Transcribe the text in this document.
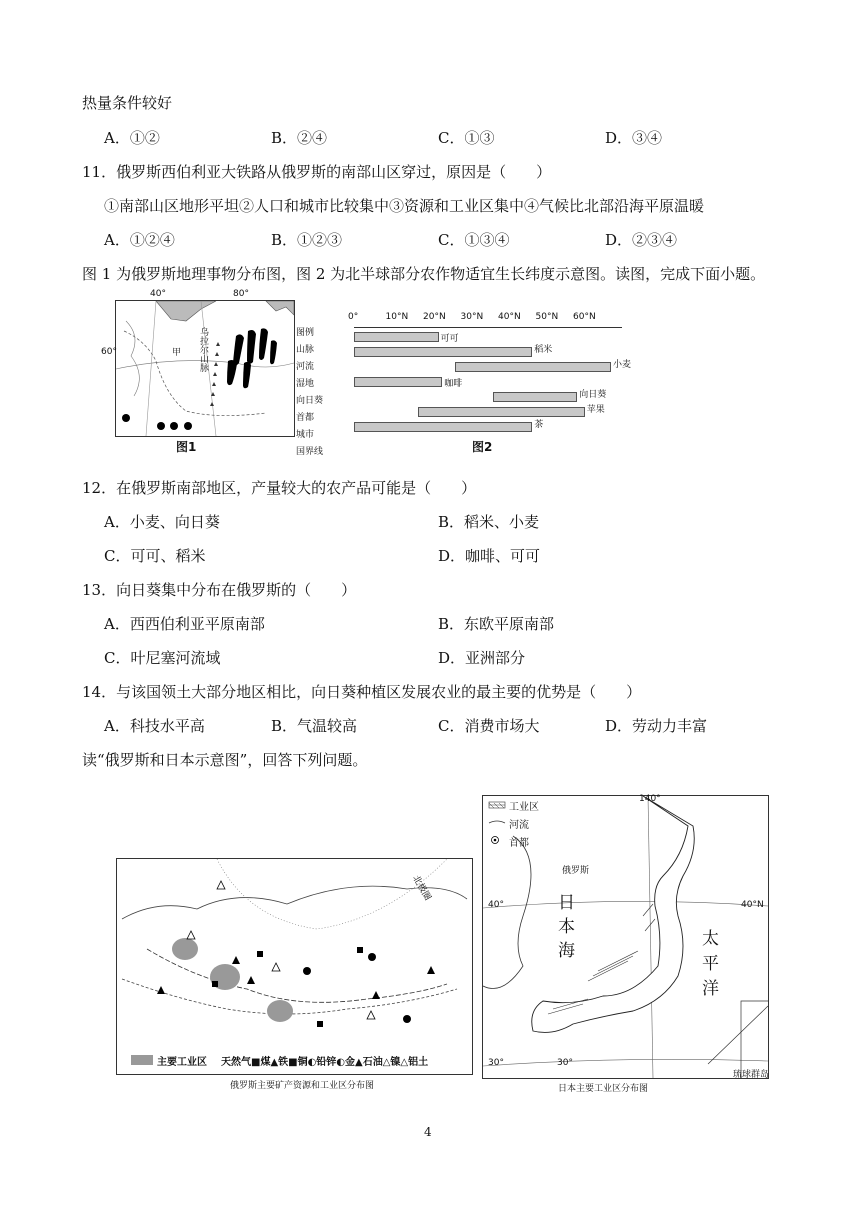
热量条件较好
A．①②	B．②④	C．①③	D．③④
11．俄罗斯西伯利亚大铁路从俄罗斯的南部山区穿过，原因是（　　）
①南部山区地形平坦②人口和城市比较集中③资源和工业区集中④气候比北部沿海平原温暖
A．①②④	B．①②③	C．①③④	D．②③④
图 1 为俄罗斯地理事物分布图，图 2 为北半球部分农作物适宜生长纬度示意图。读图，完成下面小题。
40°	80°
60°	甲
乌拉尔山脉
图例
山脉
河流
湿地
向日葵
首都
城市
国界线
图1
0°	10°N 20°N 30°N 40°N 50°N 60°N
可可
稻米
小麦
咖啡
向日葵
苹果
茶
图2
12．在俄罗斯南部地区，产量较大的农产品可能是（　　）
A．小麦、向日葵	B．稻米、小麦
C．可可、稻米	D．咖啡、可可
13．向日葵集中分布在俄罗斯的（　　）
A．西西伯利亚平原南部	B．东欧平原南部
C．叶尼塞河流域	D．亚洲部分
14．与该国领土大部分地区相比，向日葵种植区发展农业的最主要的优势是（　　）
A．科技水平高	B．气温较高	C．消费市场大	D．劳动力丰富
读“俄罗斯和日本示意图”，回答下列问题。
北极圈
主要工业区 天然气■煤▲铁■铜◐铅锌◐金▲石油△镍△铝土
俄罗斯主要矿产资源和工业区分布图
工业区
河流
首都
俄罗斯
日
本
海
太
平
洋
40°	40°N
30°	30°
140°
琉球群岛
日本主要工业区分布图
4
